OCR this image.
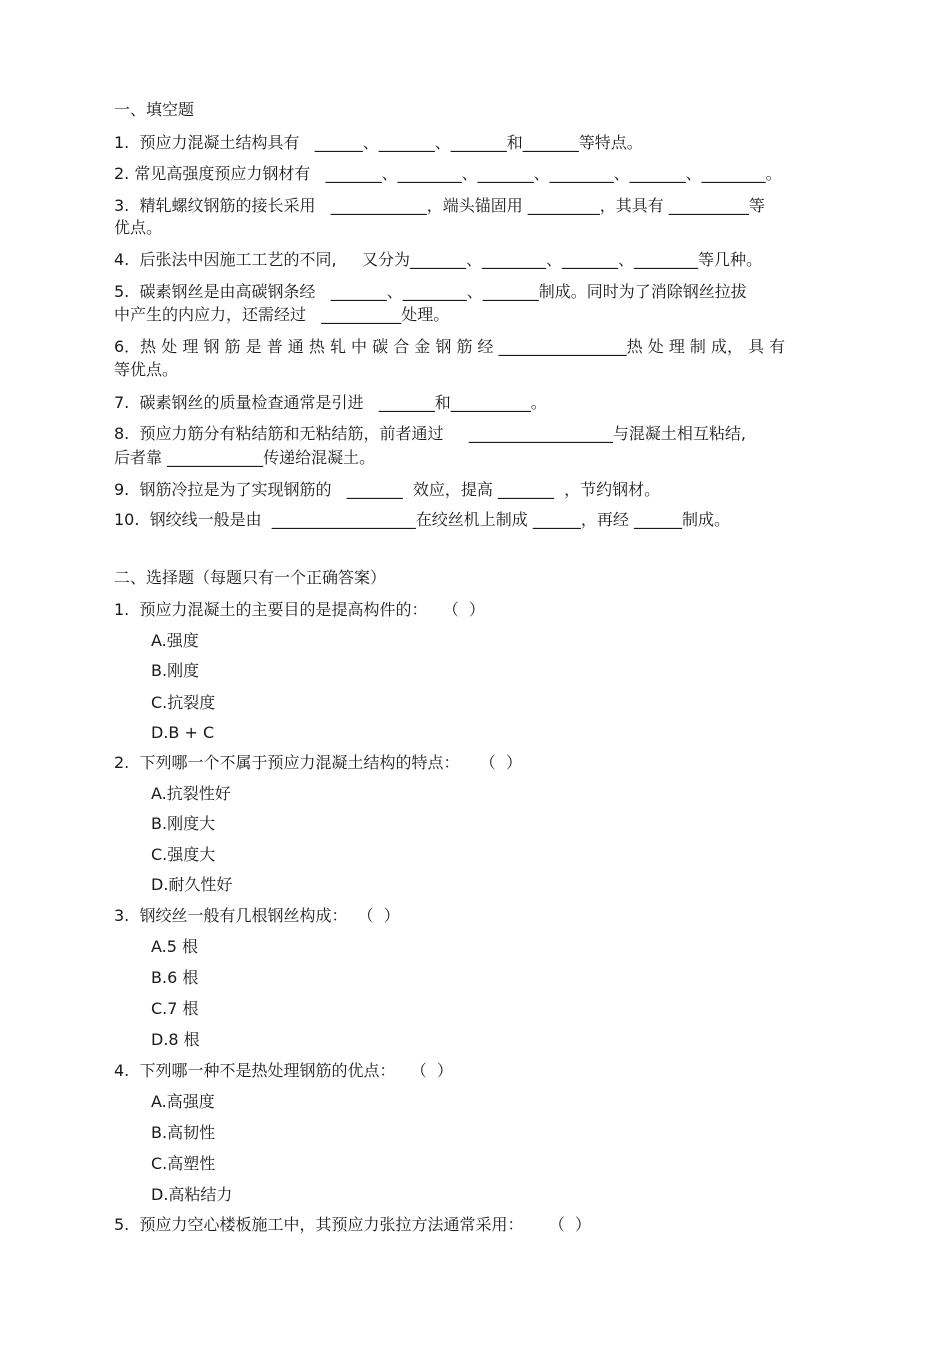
一、填空题
1.  预应力混凝土结构具有   ______、_______、_______和_______等特点。
2. 常见高强度预应力钢材有   _______、________、_______、________、_______、________。
3.  精轧螺纹钢筋的接长采用   ____________，端头锚固用 _________，其具有 __________等
优点。
4.  后张法中因施工工艺的不同,     又分为_______、________、_______、________等几种。
5.  碳素钢丝是由高碳钢条经   _______、________、_______制成。同时为了消除钢丝拉拔
中产生的内应力，还需经过   __________处理。
6．热 处 理 钢 筋 是 普 通 热 轧 中 碳 合 金 钢 筋 经 ________________热 处 理 制 成， 具 有
等优点。
7.  碳素钢丝的质量检查通常是引进   _______和__________。
8.  预应力筋分有粘结筋和无粘结筋，前者通过     __________________与混凝土相互粘结,
后者靠 ____________传递给混凝土。
9.  钢筋冷拉是为了实现钢筋的   _______  效应，提高 _______  ，节约钢材。
10.  钢绞线一般是由  __________________在绞丝机上制成 ______，再经 ______制成。
二、选择题（每题只有一个正确答案）
1.  预应力混凝土的主要目的是提高构件的：   （  ）
A.强度
B.刚度
C.抗裂度
D.B + C
2.  下列哪一个不属于预应力混凝土结构的特点：    （  ）
A.抗裂性好
B.刚度大
C.强度大
D.耐久性好
3.  钢绞丝一般有几根钢丝构成：  （  ）
A.5 根
B.6 根
C.7 根
D.8 根
4.  下列哪一种不是热处理钢筋的优点：   （  ）
A.高强度
B.高韧性
C.高塑性
D.高粘结力
5.  预应力空心楼板施工中，其预应力张拉方法通常采用：     （  ）
